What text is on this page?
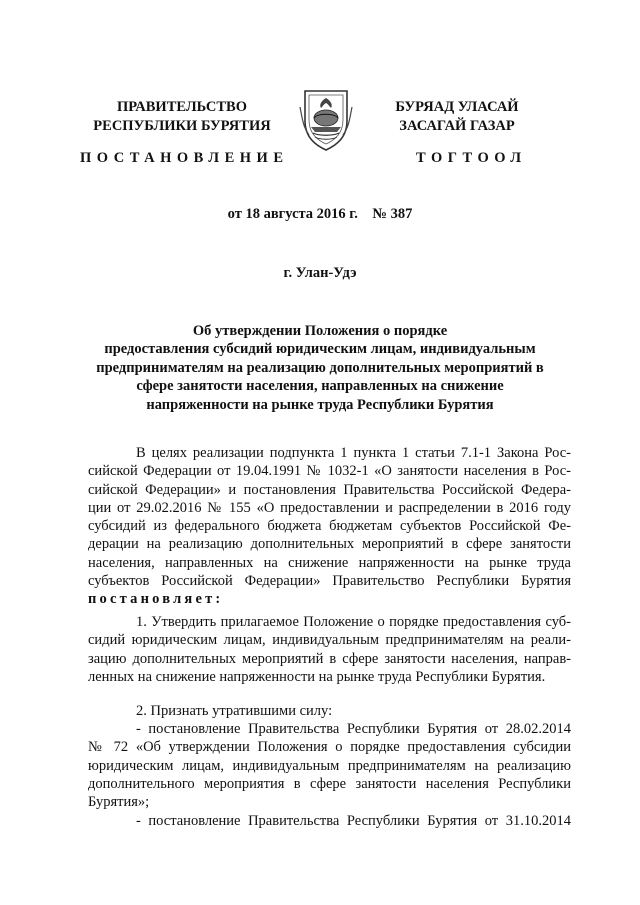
ПРАВИТЕЛЬСТВО
РЕСПУБЛИКИ БУРЯТИЯ
БУРЯАД УЛАСАЙ
ЗАСАГАЙ ГАЗАР
ПОСТАНОВЛЕНИЕ	ТОГТООЛ
от 18 августа 2016 г.    № 387
г. Улан-Удэ
Об утверждении Положения о порядке
предоставления субсидий юридическим лицам, индивидуальным
предпринимателям на реализацию дополнительных мероприятий в
сфере занятости населения, направленных на снижение
напряженности на рынке труда Республики Бурятия
В целях реализации подпункта 1 пункта 1 статьи 7.1-1 Закона Рос-
сийской Федерации от 19.04.1991 № 1032-1 «О занятости населения в Рос-
сийской Федерации» и постановления Правительства Российской Федера-
ции от 29.02.2016 № 155 «О предоставлении и распределении в 2016 году
субсидий из федерального бюджета бюджетам субъектов Российской Фе-
дерации на реализацию дополнительных мероприятий в сфере занятости
населения, направленных на снижение напряженности на рынке труда
субъектов Российской Федерации» Правительство Республики Бурятия
постановляет:
1. Утвердить прилагаемое Положение о порядке предоставления суб-
сидий юридическим лицам, индивидуальным предпринимателям на реали-
зацию дополнительных мероприятий в сфере занятости населения, направ-
ленных на снижение напряженности на рынке труда Республики Бурятия.
2. Признать утратившими силу:
- постановление Правительства Республики Бурятия от 28.02.2014
№ 72 «Об утверждении Положения о порядке предоставления субсидии
юридическим лицам, индивидуальным предпринимателям на реализацию
дополнительного мероприятия в сфере занятости населения Республики
Бурятия»;
- постановление Правительства Республики Бурятия от 31.10.2014
